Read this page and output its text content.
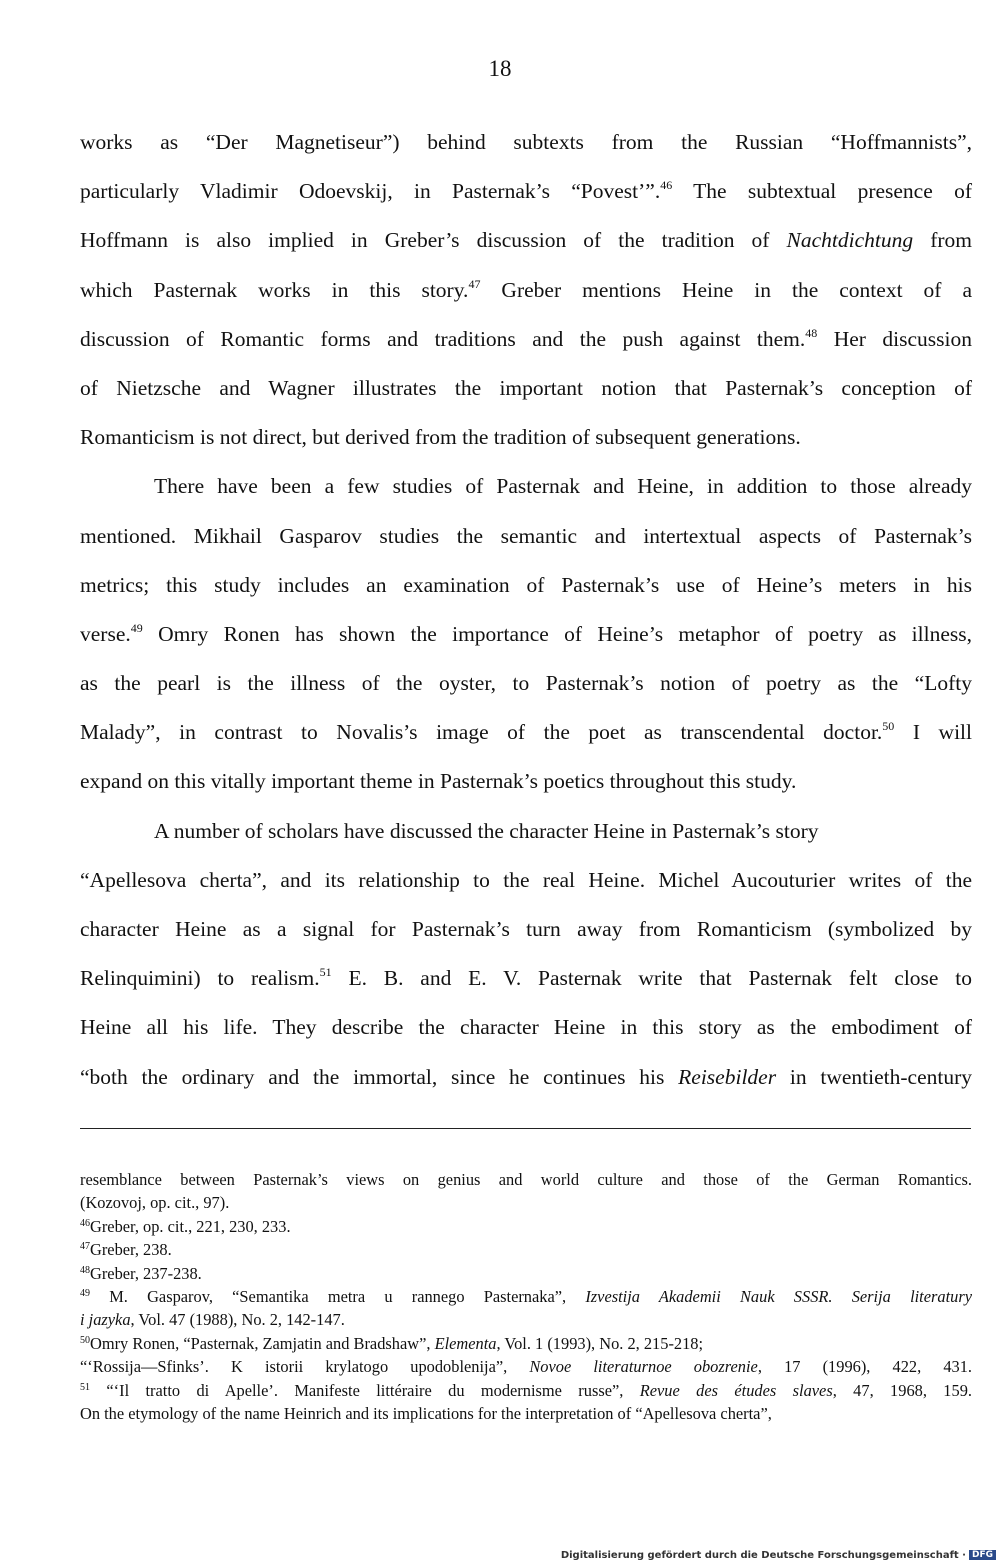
18
works as “Der Magnetiseur”) behind subtexts from the Russian “Hoffmannists”,
particularly Vladimir Odoevskij, in Pasternak’s “Povest’”.$^{46}$ The subtextual presence of
Hoffmann is also implied in Greber’s discussion of the tradition of Nachtdichtung from
which Pasternak works in this story.$^{47}$ Greber mentions Heine in the context of a
discussion of Romantic forms and traditions and the push against them.$^{48}$ Her discussion
of Nietzsche and Wagner illustrates the important notion that Pasternak’s conception of
Romanticism is not direct, but derived from the tradition of subsequent generations.
There have been a few studies of Pasternak and Heine, in addition to those already
mentioned. Mikhail Gasparov studies the semantic and intertextual aspects of Pasternak’s
metrics; this study includes an examination of Pasternak’s use of Heine’s meters in his
verse.$^{49}$ Omry Ronen has shown the importance of Heine’s metaphor of poetry as illness,
as the pearl is the illness of the oyster, to Pasternak’s notion of poetry as the “Lofty
Malady”, in contrast to Novalis’s image of the poet as transcendental doctor.$^{50}$ I will
expand on this vitally important theme in Pasternak’s poetics throughout this study.
A number of scholars have discussed the character Heine in Pasternak’s story
“Apellesova cherta”, and its relationship to the real Heine. Michel Aucouturier writes of the
character Heine as a signal for Pasternak’s turn away from Romanticism (symbolized by
Relinquimini) to realism.$^{51}$ E. B. and E. V. Pasternak write that Pasternak felt close to
Heine all his life. They describe the character Heine in this story as the embodiment of
“both the ordinary and the immortal, since he continues his Reisebilder in twentieth-century
resemblance between Pasternak’s views on genius and world culture and those of the German Romantics.
(Kozovoj, op. cit., 97).
$^{46}$Greber, op. cit., 221, 230, 233.
$^{47}$Greber, 238.
$^{48}$Greber, 237-238.
$^{49}$ M. Gasparov, “Semantika metra u rannego Pasternaka”, Izvestija Akademii Nauk SSSR. Serija literatury
i jazyka, Vol. 47 (1988), No. 2, 142-147.
$^{50}$Omry Ronen, “Pasternak, Zamjatin and Bradshaw”, Elementa, Vol. 1 (1993), No. 2, 215-218;
“‘Rossija—Sfinks’. K istorii krylatogo upodoblenija”, Novoe literaturnoe obozrenie, 17 (1996), 422, 431.
$^{51}$ “‘Il tratto di Apelle’. Manifeste littéraire du modernisme russe”, Revue des études slaves, 47, 1968, 159.
On the etymology of the name Heinrich and its implications for the interpretation of “Apellesova cherta”,
Digitalisierung gefördert durch die Deutsche Forschungsgemeinschaft · DFG
